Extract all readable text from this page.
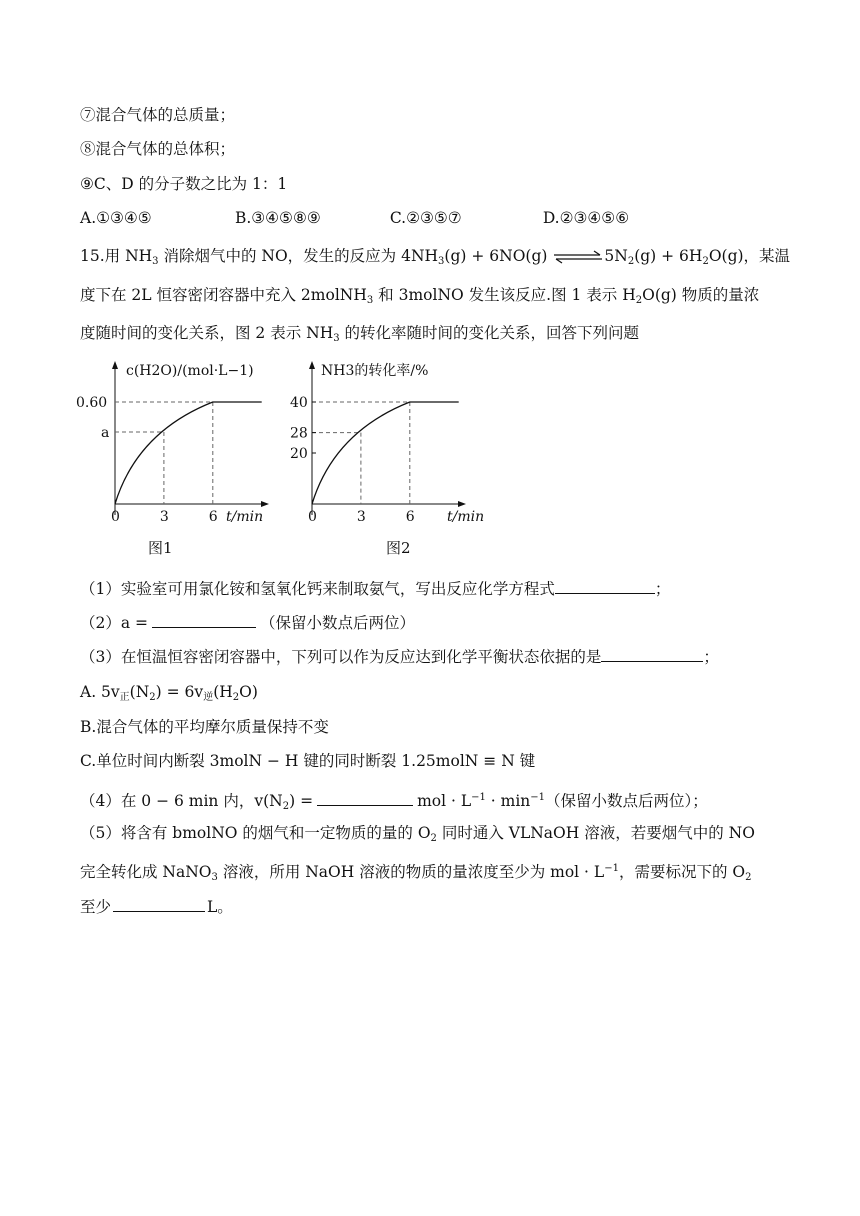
⑦混合气体的总质量；
⑧混合气体的总体积；
⑨C、D 的分子数之比为 1：1
A.①③④⑤	B.③④⑤⑧⑨	C.②③⑤⑦	D.②③④⑤⑥
15.用 $NH_3$ 消除烟气中的 NO，发生的反应为 $4NH_3(g) + 6NO(g)$ $\rightleftharpoons 5N_2(g) + 6H_2O(g)$，某温
度下在 2L 恒容密闭容器中充入 2molNH$_3$ 和 3molNO 发生该反应.图 1 表示 $H_2O(g)$ 物质的量浓
度随时间的变化关系，图 2 表示 $NH_3$ 的转化率随时间的变化关系，回答下列问题
0	3	6
a
0.60
c(H2O)/(mol·L−1)
t/min
图1
0	3	6
20
28
40
NH3的转化率/%
t/min
图2
（1）实验室可用氯化铵和氢氧化钙来制取氨气，写出反应化学方程式	；
（2）a =	（保留小数点后两位）
（3）在恒温恒容密闭容器中，下列可以作为反应达到化学平衡状态依据的是	；
A. $5v_正(N_2) = 6v_逆(H_2O)$
B.混合气体的平均摩尔质量保持不变
C.单位时间内断裂 3molN − H 键的同时断裂 1.25molN ≡ N 键
（4）在 0 − 6 min 内，$v(N_2)$ =	mol · $L^{-1} \cdot \min^{-1}$（保留小数点后两位）；
（5）将含有 bmolNO 的烟气和一定物质的量的 $O_2$ 同时通入 VLNaOH 溶液，若要烟气中的 NO
完全转化成 NaNO$_3$ 溶液，所用 NaOH 溶液的物质的量浓度至少为 mol · $L^{-1}$，需要标况下的 $O_2$
至少	L。
